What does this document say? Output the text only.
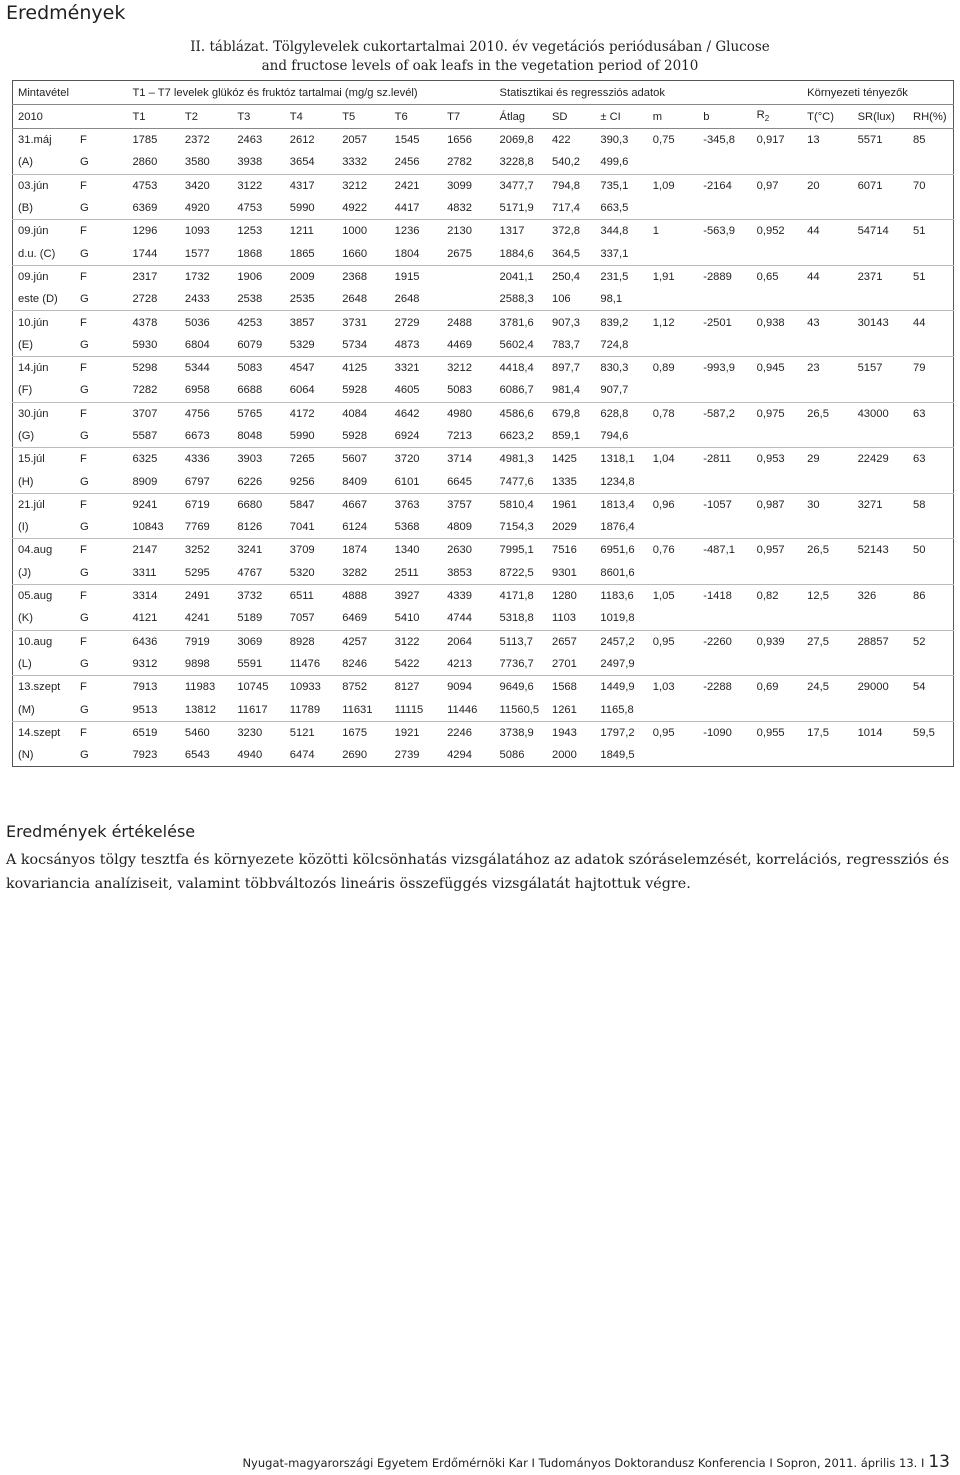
Eredmények
II. táblázat. Tölgylevelek cukortartalmai 2010. év vegetációs periódusában / Glucose
and fructose levels of oak leafs in the vegetation period of 2010
Mintavétel		T1 – T7 levelek glükóz és fruktóz tartalmai (mg/g sz.levél)							Statisztikai és regressziós adatok						Környezeti tényezők		
2010		T1	T2	T3	T4	T5	T6	T7	Átlag	SD	± CI	m	b	$R_2$	T(°C)	SR(lux)	RH(%)
31.máj	F	1785	2372	2463	2612	2057	1545	1656	2069,8	422	390,3	0,75	-345,8	0,917	13	5571	85
(A)	G	2860	3580	3938	3654	3332	2456	2782	3228,8	540,2	499,6						
03.jún	F	4753	3420	3122	4317	3212	2421	3099	3477,7	794,8	735,1	1,09	-2164	0,97	20	6071	70
(B)	G	6369	4920	4753	5990	4922	4417	4832	5171,9	717,4	663,5						
09.jún	F	1296	1093	1253	1211	1000	1236	2130	1317	372,8	344,8	1	-563,9	0,952	44	54714	51
d.u. (C)	G	1744	1577	1868	1865	1660	1804	2675	1884,6	364,5	337,1						
09.jún	F	2317	1732	1906	2009	2368	1915		2041,1	250,4	231,5	1,91	-2889	0,65	44	2371	51
este (D)	G	2728	2433	2538	2535	2648	2648		2588,3	106	98,1						
10.jún	F	4378	5036	4253	3857	3731	2729	2488	3781,6	907,3	839,2	1,12	-2501	0,938	43	30143	44
(E)	G	5930	6804	6079	5329	5734	4873	4469	5602,4	783,7	724,8						
14.jún	F	5298	5344	5083	4547	4125	3321	3212	4418,4	897,7	830,3	0,89	-993,9	0,945	23	5157	79
(F)	G	7282	6958	6688	6064	5928	4605	5083	6086,7	981,4	907,7						
30.jún	F	3707	4756	5765	4172	4084	4642	4980	4586,6	679,8	628,8	0,78	-587,2	0,975	26,5	43000	63
(G)	G	5587	6673	8048	5990	5928	6924	7213	6623,2	859,1	794,6						
15.júl	F	6325	4336	3903	7265	5607	3720	3714	4981,3	1425	1318,1	1,04	-2811	0,953	29	22429	63
(H)	G	8909	6797	6226	9256	8409	6101	6645	7477,6	1335	1234,8						
21.júl	F	9241	6719	6680	5847	4667	3763	3757	5810,4	1961	1813,4	0,96	-1057	0,987	30	3271	58
(I)	G	10843	7769	8126	7041	6124	5368	4809	7154,3	2029	1876,4						
04.aug	F	2147	3252	3241	3709	1874	1340	2630	7995,1	7516	6951,6	0,76	-487,1	0,957	26,5	52143	50
(J)	G	3311	5295	4767	5320	3282	2511	3853	8722,5	9301	8601,6						
05.aug	F	3314	2491	3732	6511	4888	3927	4339	4171,8	1280	1183,6	1,05	-1418	0,82	12,5	326	86
(K)	G	4121	4241	5189	7057	6469	5410	4744	5318,8	1103	1019,8						
10.aug	F	6436	7919	3069	8928	4257	3122	2064	5113,7	2657	2457,2	0,95	-2260	0,939	27,5	28857	52
(L)	G	9312	9898	5591	11476	8246	5422	4213	7736,7	2701	2497,9						
13.szept	F	7913	11983	10745	10933	8752	8127	9094	9649,6	1568	1449,9	1,03	-2288	0,69	24,5	29000	54
(M)	G	9513	13812	11617	11789	11631	11115	11446	11560,5	1261	1165,8						
14.szept	F	6519	5460	3230	5121	1675	1921	2246	3738,9	1943	1797,2	0,95	-1090	0,955	17,5	1014	59,5
(N)	G	7923	6543	4940	6474	2690	2739	4294	5086	2000	1849,5						
Eredmények értékelése
A kocsányos tölgy tesztfa és környezete közötti kölcsönhatás vizsgálatához az adatok szóráselemzését, korrelációs, regressziós és kovariancia analíziseit, valamint többváltozós lineáris összefüggés vizsgálatát hajtottuk végre.
Nyugat-magyarországi Egyetem Erdőmérnöki Kar I Tudományos Doktorandusz Konferencia I Sopron, 2011. április 13. I 13
